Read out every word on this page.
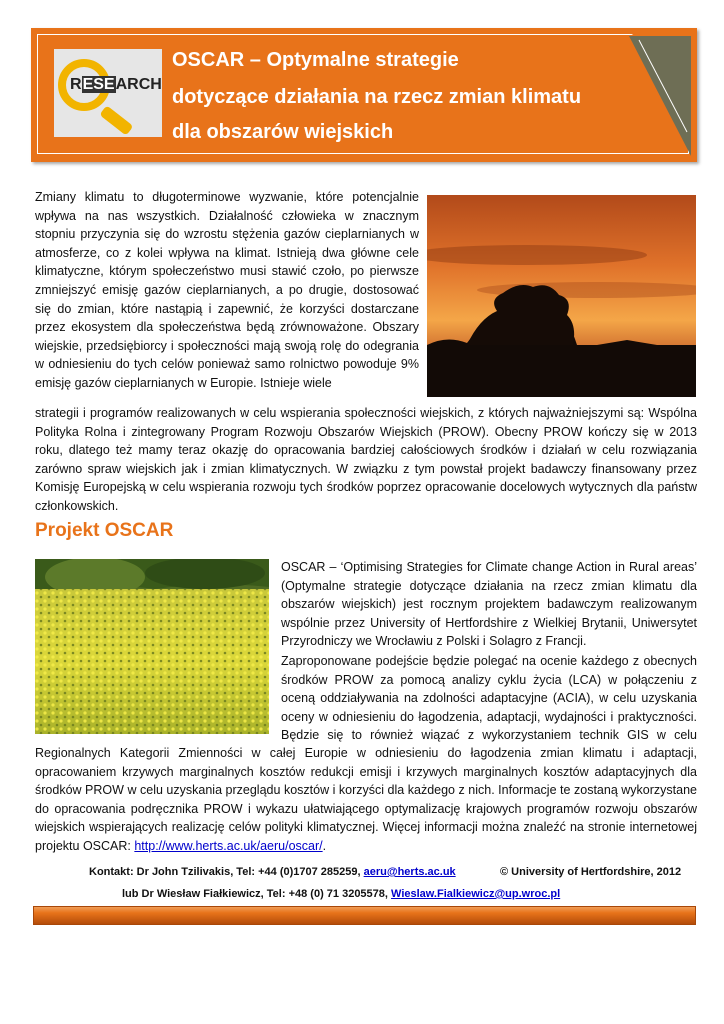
RESEARCH
OSCAR – Optymalne strategie
dotyczące działania na rzecz zmian klimatu
dla obszarów wiejskich
Zmiany klimatu to długoterminowe wyzwanie, które potencjalnie wpływa na nas wszystkich. Działalność człowieka w znacznym stopniu przyczynia się do wzrostu stężenia gazów cieplarnianych w atmosferze, co z kolei wpływa na klimat. Istnieją dwa główne cele klimatyczne, którym społeczeństwo musi stawić czoło, po pierwsze zmniejszyć emisję gazów cieplarnianych, a po drugie, dostosować się do zmian, które nastąpią i zapewnić, że korzyści dostarczane przez ekosystem dla społeczeństwa będą zrównoważone. Obszary wiejskie, przedsiębiorcy i społeczności mają swoją rolę do odegrania w odniesieniu do tych celów ponieważ samo rolnictwo powoduje 9% emisję gazów cieplarnianych w Europie. Istnieje wiele
strategii i programów realizowanych w celu wspierania społeczności wiejskich, z których najważniejszymi są: Wspólna Polityka Rolna i zintegrowany Program Rozwoju Obszarów Wiejskich (PROW). Obecny PROW kończy się w 2013 roku, dlatego też mamy teraz okazję do opracowania bardziej całościowych środków i działań w celu rozwiązania zarówno spraw wiejskich jak i zmian klimatycznych. W związku z tym powstał projekt badawczy finansowany przez Komisję Europejską w celu wspierania rozwoju tych środków poprzez opracowanie docelowych wytycznych dla państw członkowskich.
Projekt OSCAR
OSCAR – ‘Optimising Strategies for Climate change Action in Rural areas’ (Optymalne strategie dotyczące działania na rzecz zmian klimatu dla obszarów wiejskich) jest rocznym projektem badawczym realizowanym wspólnie przez University of Hertfordshire z Wielkiej Brytanii, Uniwersytet Przyrodniczy we Wrocławiu z Polski i Solagro z Francji.
Zaproponowane podejście będzie polegać na ocenie każdego z obecnych środków PROW za pomocą analizy cyklu życia (LCA) w połączeniu z oceną oddziaływania na zdolności adaptacyjne (ACIA), w celu uzyskania oceny w odniesieniu do łagodzenia, adaptacji, wydajności i praktyczności. Będzie się to również wiązać z wykorzystaniem technik GIS w celu
Regionalnych Kategorii Zmienności w całej Europie w odniesieniu do łagodzenia zmian klimatu i adaptacji, opracowaniem krzywych marginalnych kosztów redukcji emisji i krzywych marginalnych kosztów adaptacyjnych dla środków PROW w celu uzyskania przeglądu kosztów i korzyści dla każdego z nich. Informacje te zostaną wykorzystane do opracowania podręcznika PROW i wykazu ułatwiającego optymalizację krajowych programów rozwoju obszarów wiejskich wspierających realizację celów polityki klimatycznej. Więcej informacji można znaleźć na stronie internetowej projektu OSCAR: http://www.herts.ac.uk/aeru/oscar/.
Kontakt: Dr John Tzilivakis, Tel: +44 (0)1707 285259, aeru@herts.ac.uk	© University of Hertfordshire, 2012
lub Dr Wiesław Fiałkiewicz, Tel: +48 (0) 71 3205578, Wieslaw.Fialkiewicz@up.wroc.pl
